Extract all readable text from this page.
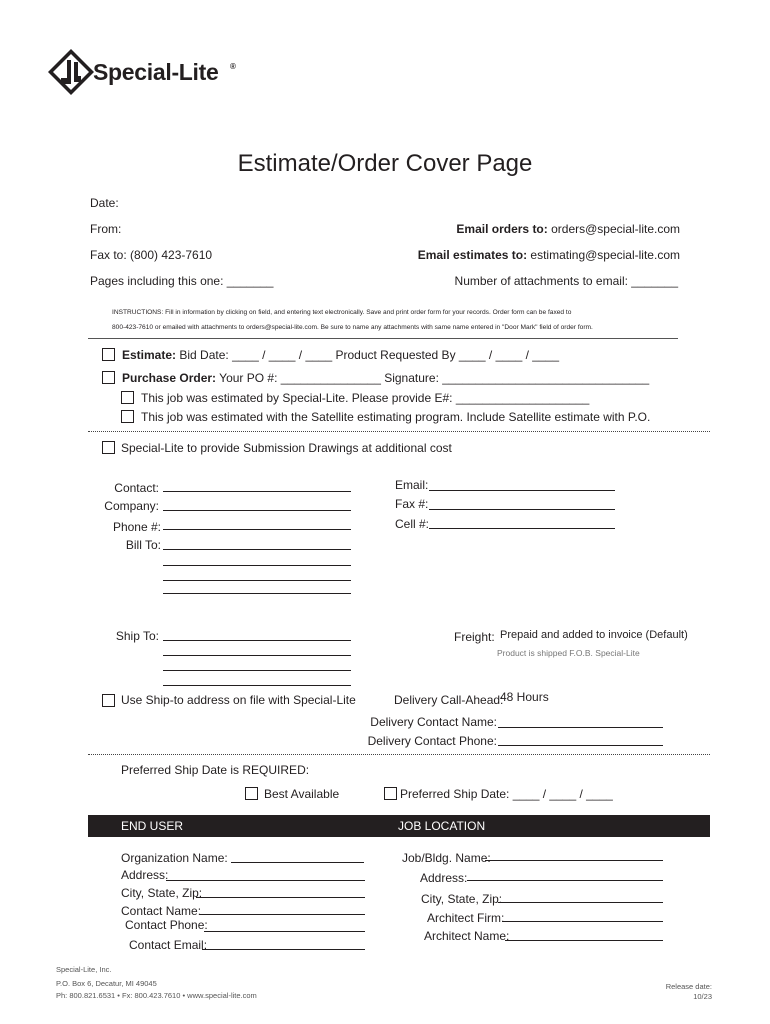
Special-Lite ®
Estimate/Order Cover Page
Date:
From:
Fax to: (800) 423-7610
Pages including this one: _______
Email orders to: orders@special-lite.com
Email estimates to: estimating@special-lite.com
Number of attachments to email: _______
INSTRUCTIONS: Fill in information by clicking on field, and entering text electronically. Save and print order form for your records. Order form can be faxed to
800-423-7610 or emailed with attachments to orders@special-lite.com. Be sure to name any attachments with same name entered in "Door Mark" field of order form.
Estimate: Bid Date: ____ / ____ / ____ Product Requested By ____ / ____ / ____
Purchase Order: Your PO #: _______________ Signature: _______________________________
This job was estimated by Special-Lite. Please provide E#: ____________________
This job was estimated with the Satellite estimating program. Include Satellite estimate with P.O.
Special-Lite to provide Submission Drawings at additional cost
Contact:
Company:
Phone #:
Bill To:
Email:
Fax #:
Cell #:
Ship To:	Freight: Prepaid and added to invoice (Default)
Product is shipped F.O.B. Special-Lite
Use Ship-to address on file with Special-Lite	Delivery Call-Ahead:
48 Hours
Delivery Contact Name:
Delivery Contact Phone:
Preferred Ship Date is REQUIRED:
Best Available	Preferred Ship Date: ____ / ____ / ____
END USER	JOB LOCATION
Organization Name:
Address:
City, State, Zip:
Contact Name:
Contact Phone:
Contact Email:
Job/Bldg. Name:
Address:
City, State, Zip:
Architect Firm:
Architect Name:
Special-Lite, Inc.
P.O. Box 6, Decatur, MI 49045
Ph: 800.821.6531 • Fx: 800.423.7610 • www.special-lite.com
Release date:
10/23
